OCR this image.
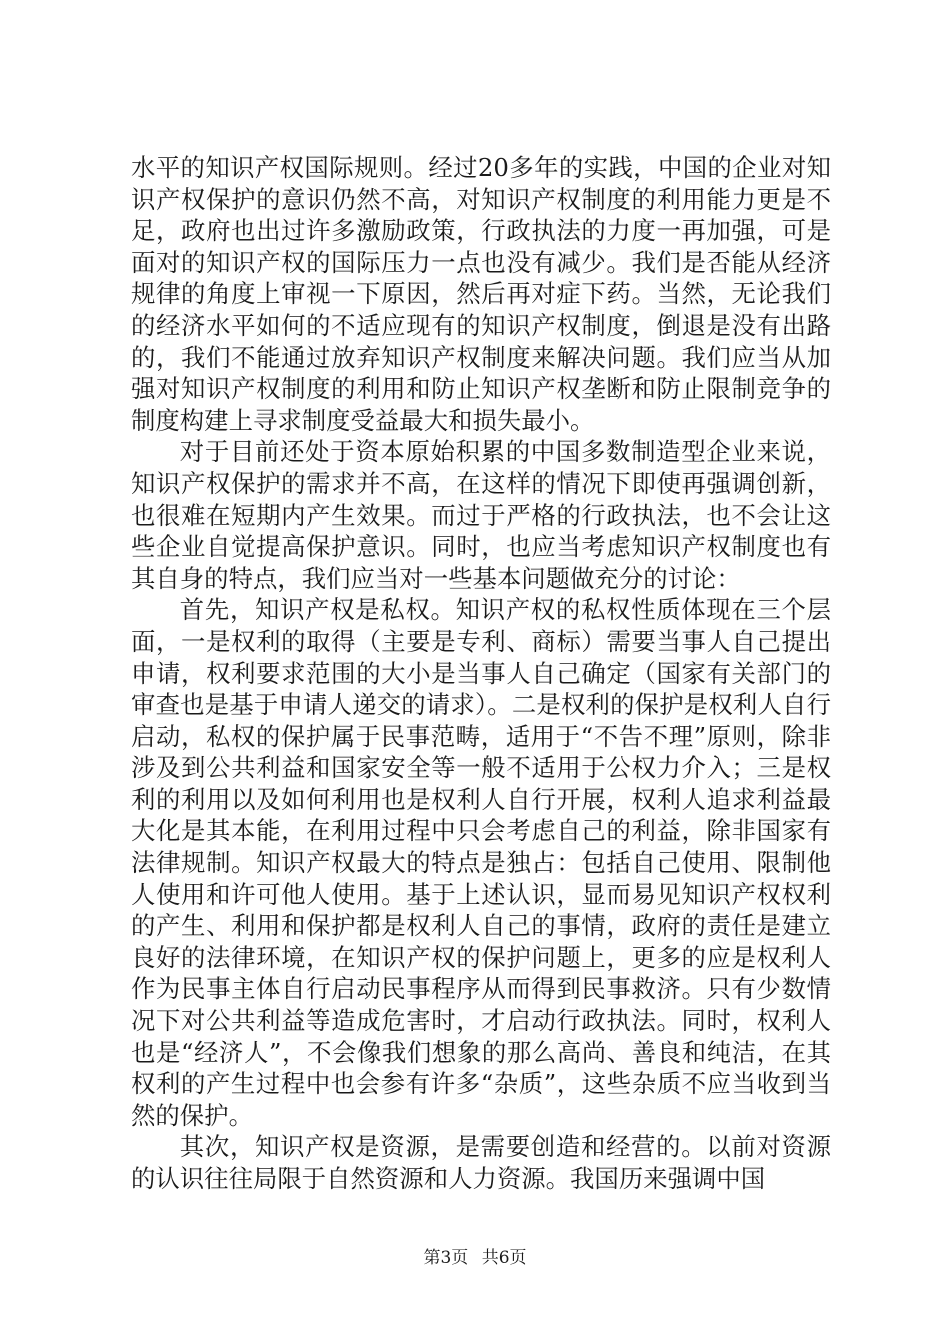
水平的知识产权国际规则。经过20多年的实践，中国的企业对知识产权保护的意识仍然不高，对知识产权制度的利用能力更是不足，政府也出过许多激励政策，行政执法的力度一再加强，可是面对的知识产权的国际压力一点也没有减少。我们是否能从经济规律的角度上审视一下原因，然后再对症下药。当然，无论我们的经济水平如何的不适应现有的知识产权制度，倒退是没有出路的，我们不能通过放弃知识产权制度来解决问题。我们应当从加强对知识产权制度的利用和防止知识产权垄断和防止限制竞争的制度构建上寻求制度受益最大和损失最小。

对于目前还处于资本原始积累的中国多数制造型企业来说，知识产权保护的需求并不高，在这样的情况下即使再强调创新，也很难在短期内产生效果。而过于严格的行政执法，也不会让这些企业自觉提高保护意识。同时，也应当考虑知识产权制度也有其自身的特点，我们应当对一些基本问题做充分的讨论：

首先，知识产权是私权。知识产权的私权性质体现在三个层面，一是权利的取得（主要是专利、商标）需要当事人自己提出申请，权利要求范围的大小是当事人自己确定（国家有关部门的审查也是基于申请人递交的请求）。二是权利的保护是权利人自行启动，私权的保护属于民事范畴，适用于“不告不理”原则，除非涉及到公共利益和国家安全等一般不适用于公权力介入；三是权利的利用以及如何利用也是权利人自行开展，权利人追求利益最大化是其本能，在利用过程中只会考虑自己的利益，除非国家有法律规制。知识产权最大的特点是独占：包括自己使用、限制他人使用和许可他人使用。基于上述认识，显而易见知识产权权利的产生、利用和保护都是权利人自己的事情，政府的责任是建立良好的法律环境，在知识产权的保护问题上，更多的应是权利人作为民事主体自行启动民事程序从而得到民事救济。只有少数情况下对公共利益等造成危害时，才启动行政执法。同时，权利人也是“经济人”，不会像我们想象的那么高尚、善良和纯洁，在其权利的产生过程中也会参有许多“杂质”，这些杂质不应当收到当然的保护。

其次，知识产权是资源，是需要创造和经营的。以前对资源的认识往往局限于自然资源和人力资源。我国历来强调中国

第3页 共6页
